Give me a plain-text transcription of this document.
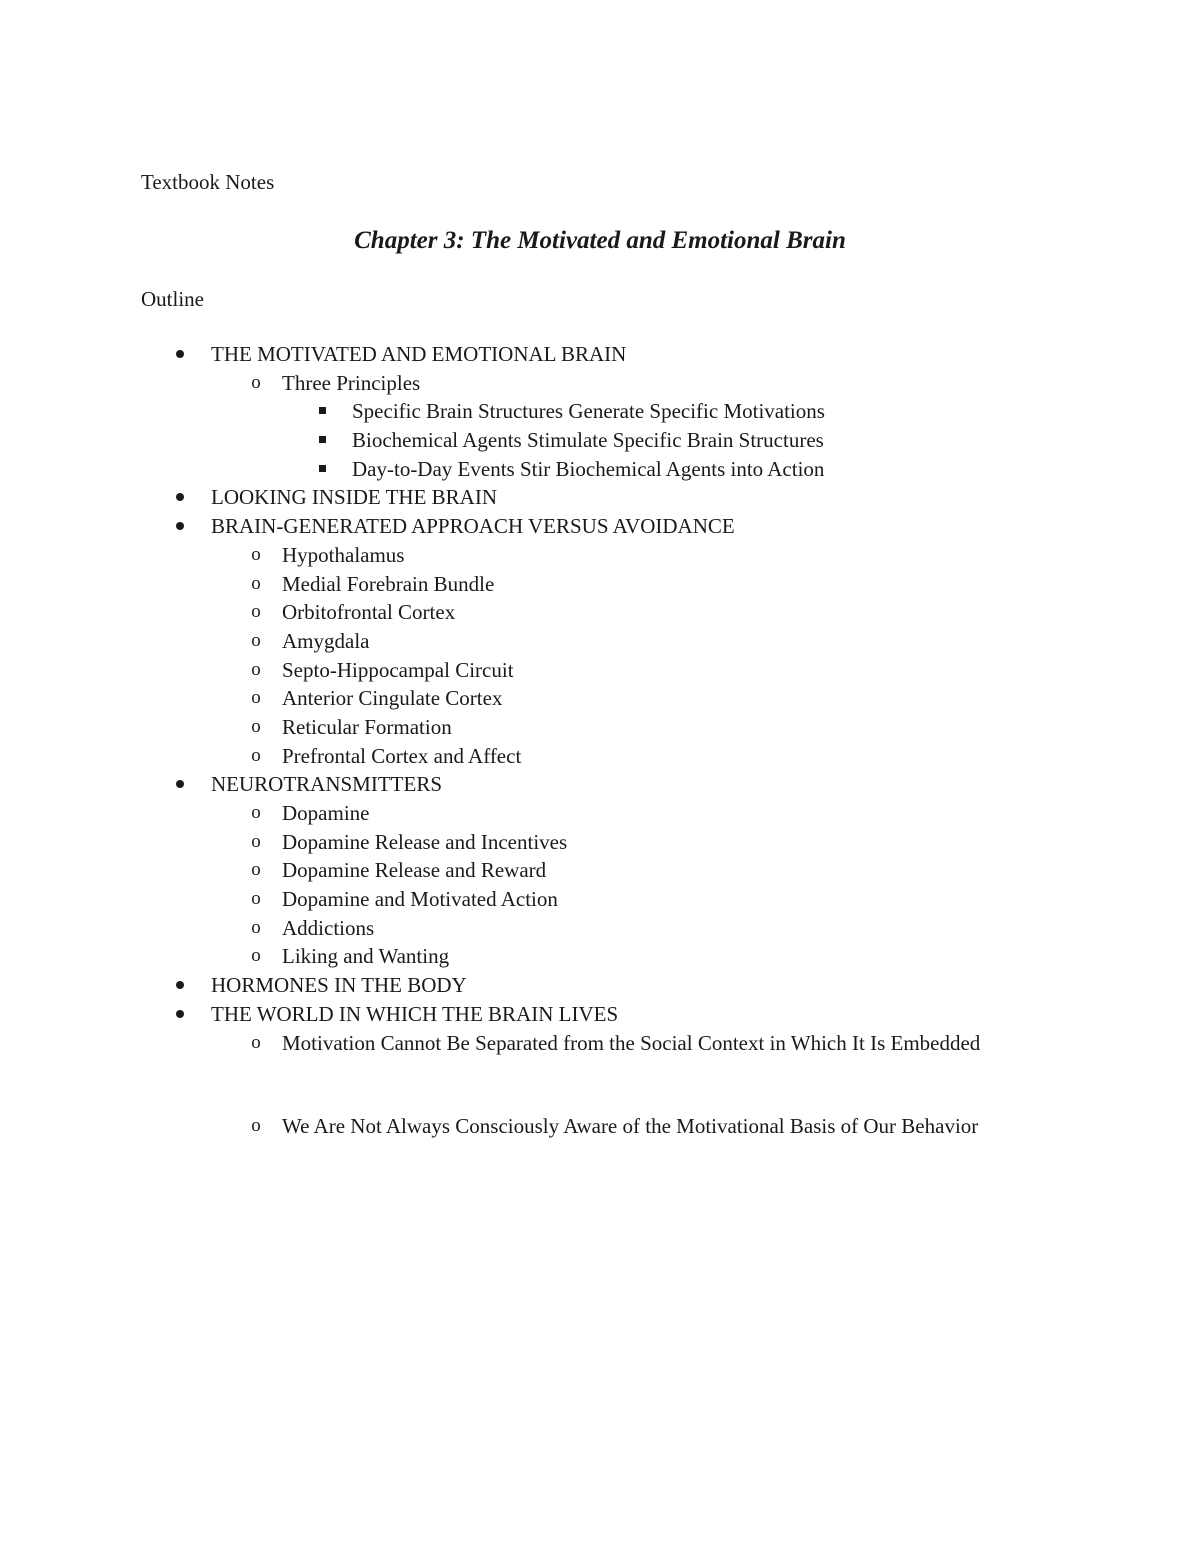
Textbook Notes
Chapter 3: The Motivated and Emotional Brain
Outline
THE MOTIVATED AND EMOTIONAL BRAIN
o	Three Principles
Specific Brain Structures Generate Specific Motivations
Biochemical Agents Stimulate Specific Brain Structures
Day-to-Day Events Stir Biochemical Agents into Action
LOOKING INSIDE THE BRAIN
BRAIN-GENERATED APPROACH VERSUS AVOIDANCE
o	Hypothalamus
o	Medial Forebrain Bundle
o	Orbitofrontal Cortex
o	Amygdala
o	Septo-Hippocampal Circuit
o	Anterior Cingulate Cortex
o	Reticular Formation
o	Prefrontal Cortex and Affect
NEUROTRANSMITTERS
o	Dopamine
o	Dopamine Release and Incentives
o	Dopamine Release and Reward
o	Dopamine and Motivated Action
o	Addictions
o	Liking and Wanting
HORMONES IN THE BODY
THE WORLD IN WHICH THE BRAIN LIVES
o	Motivation Cannot Be Separated from the Social Context in Which It Is Embedded
o	We Are Not Always Consciously Aware of the Motivational Basis of Our Behavior
